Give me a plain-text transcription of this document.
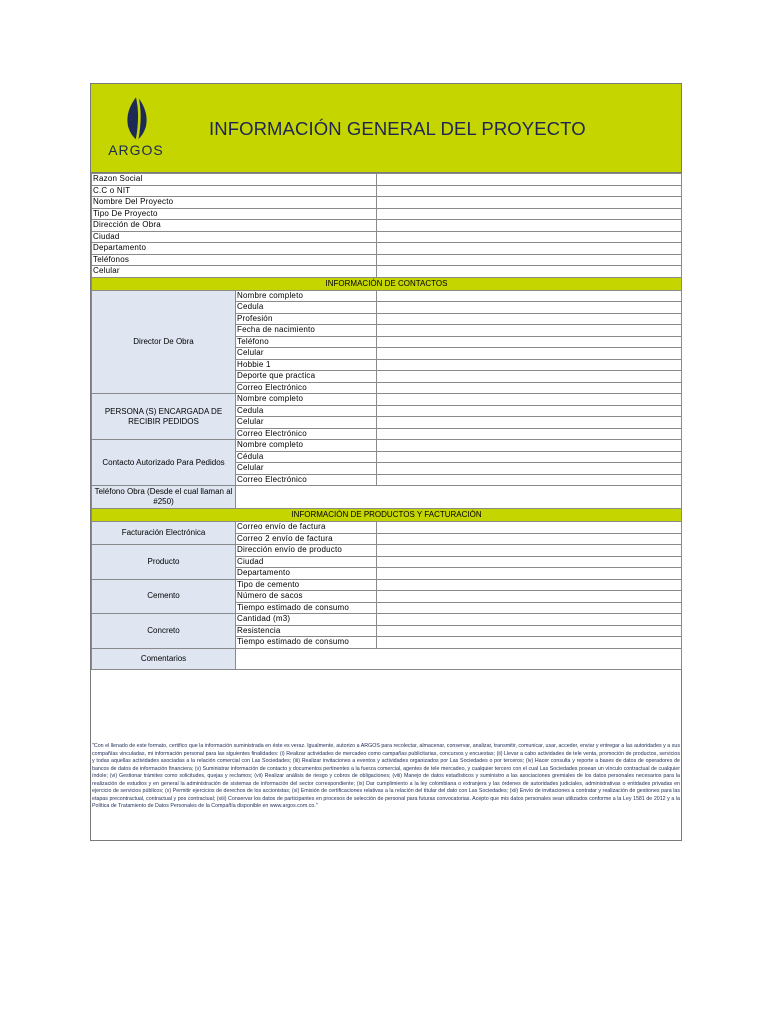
ARGOS
INFORMACIÓN GENERAL DEL PROYECTO
Razon Social		
C.C o NIT		
Nombre Del Proyecto		
Tipo De Proyecto		
Dirección de Obra		
Ciudad		
Departamento		
Teléfonos		
Celular		
INFORMACIÓN DE CONTACTOS		
Director De Obra	Nombre completo	
	Cedula	
	Profesión	
	Fecha de nacimiento	
	Teléfono	
	Celular	
	Hobbie 1	
	Deporte que practica	
	Correo Electrónico	
PERSONA (S) ENCARGADA DE RECIBIR PEDIDOS	Nombre completo	
	Cedula	
	Celular	
	Correo Electrónico	
Contacto Autorizado Para Pedidos	Nombre completo	
	Cédula	
	Celular	
	Correo Electrónico	
Teléfono Obra (Desde el cual llaman al #250)		
INFORMACIÓN DE PRODUCTOS Y FACTURACIÓN		
Facturación Electrónica	Correo envío de factura	
	Correo 2 envío de factura	
Producto	Dirección envío de producto	
	Ciudad	
	Departamento	
Cemento	Tipo de cemento	
	Número de sacos	
	Tiempo estimado de consumo	
Concreto	Cantidad (m3)	
	Resistencia	
	Tiempo estimado de consumo	
Comentarios		
"Con el llenado de este formato, certifico que la información suministrada en éste es veraz. Igualmente, autorizo a ARGOS para recolectar, almacenar, conservar, analizar, transmitir, comunicar, usar, acceder, enviar y entregar a las autoridades y a sus compañías vinculadas, mi información personal para las siguientes finalidades: (i) Realizar actividades de mercadeo como campañas publicitarias, concursos y encuestas; (ii) Llevar a cabo actividades de tele venta, promoción de productos, servicios y todas aquellas actividades asociadas a la relación comercial con Las Sociedades; (iii) Realizar invitaciones a eventos y actividades organizados por Las Sociedades o por terceros; (iv) Hacer consulta y reporte a bases de datos de operadores de bancos de datos de información financiera; (v) Suministrar información de contacto y documentos pertinentes a la fuerza comercial, agentes de tele mercadeo, y cualquier tercero con el cual Las Sociedades posean un vínculo contractual de cualquier índole; (vi) Gestionar trámites como solicitudes, quejas y reclamos; (vii) Realizar análisis de riesgo y cobros de obligaciones; (viii) Manejo de datos estadísticos y suministro a las asociaciones gremiales de los datos personales necesarios para la realización de estudios y en general la administración de sistemas de información del sector correspondiente; (ix) Dar cumplimiento a la ley colombiana o extranjera y las órdenes de autoridades judiciales, administrativas o entidades privadas en ejercicio de servicios públicos; (x) Permitir ejercicios de derechos de los accionistas; (xi) Emisión de certificaciones relativas a la relación del titular del dato con Las Sociedades; (xii) Envío de invitaciones a contratar y realización de gestiones para las etapas precontractual, contractual y pos contractual; (xiii) Conservar los datos de participantes en procesos de selección de personal para futuras convocatorias. Acepto que mis datos personales sean utilizados conforme a la Ley 1581 de 2012 y a la Política de Tratamiento de Datos Personales de la Compañía disponible en www.argos.com.co."
